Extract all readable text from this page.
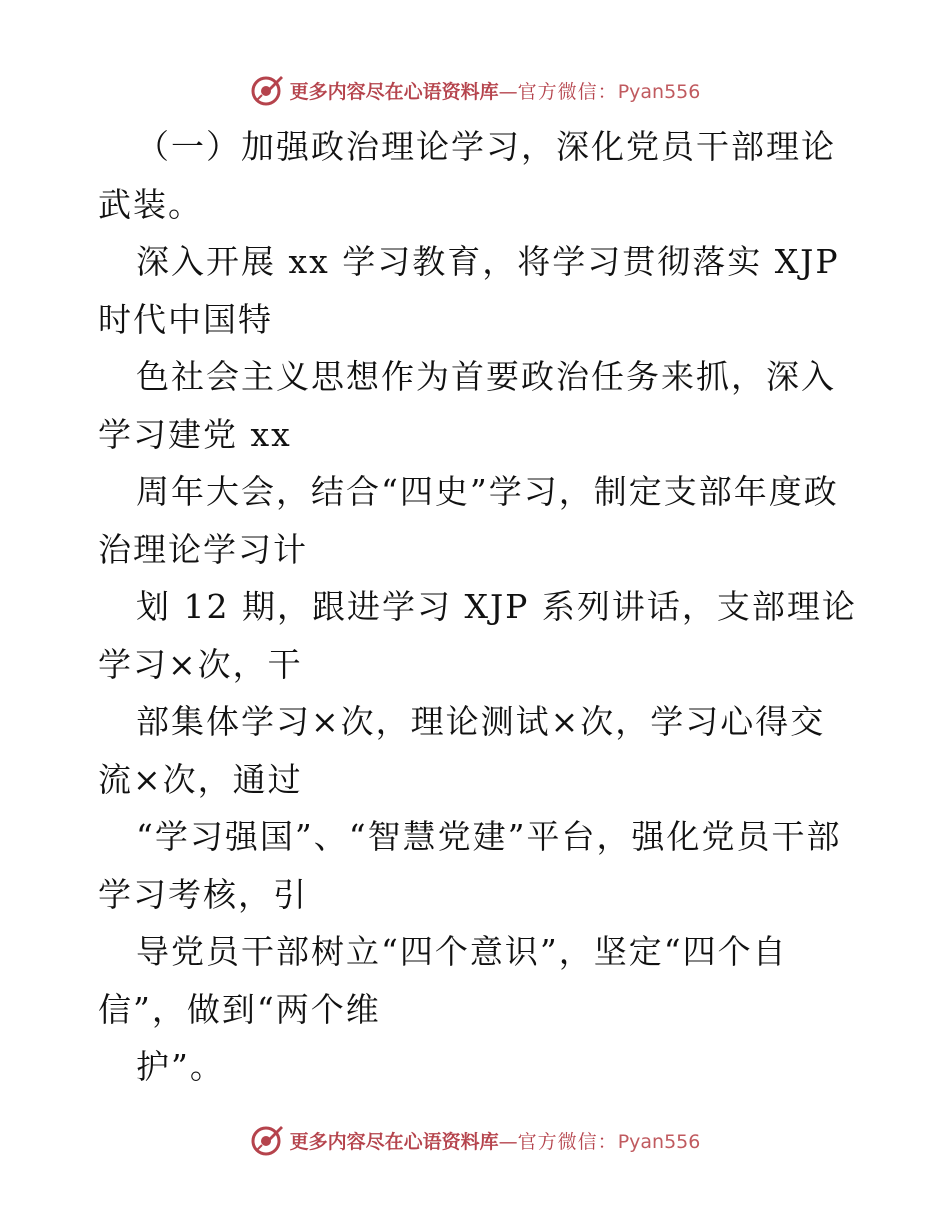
更多内容尽在心语资料库—官方微信：Pyan556

（一）加强政治理论学习，深化党员干部理论武装。

深入开展 xx 学习教育，将学习贯彻落实 XJP 时代中国特

色社会主义思想作为首要政治任务来抓，深入学习建党 xx

周年大会，结合“四史”学习，制定支部年度政治理论学习计

划 12 期，跟进学习 XJP 系列讲话，支部理论学习×次，干

部集体学习×次，理论测试×次，学习心得交流×次，通过

“学习强国”、“智慧党建”平台，强化党员干部学习考核，引

导党员干部树立“四个意识”，坚定“四个自信”，做到“两个维

护”。

更多内容尽在心语资料库—官方微信：Pyan556
